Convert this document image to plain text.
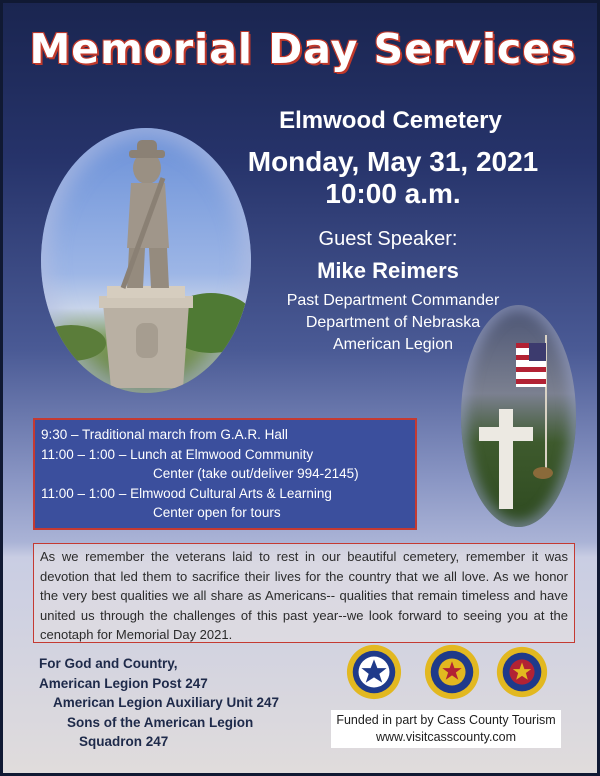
Memorial Day Services
Elmwood Cemetery
Monday, May 31, 2021
10:00 a.m.
Guest Speaker:
Mike Reimers
Past Department Commander
Department of Nebraska
American Legion
9:30 – Traditional march from G.A.R. Hall
11:00 – 1:00 – Lunch at Elmwood Community
Center (take out/deliver 994-2145)
11:00 – 1:00 – Elmwood Cultural Arts & Learning
Center open for tours
As we remember the veterans laid to rest in our beautiful cemetery, remember it was devotion that led them to sacrifice their lives for the country that we all love. As we honor the very best qualities we all share as Americans-- qualities that remain timeless and have united us through the challenges of this past year--we look forward to seeing you at the cenotaph for Memorial Day 2021.
For God and Country,
American Legion Post 247
American Legion Auxiliary Unit 247
Sons of the American Legion
Squadron 247
Funded in part by Cass County Tourism
www.visitcasscounty.com
